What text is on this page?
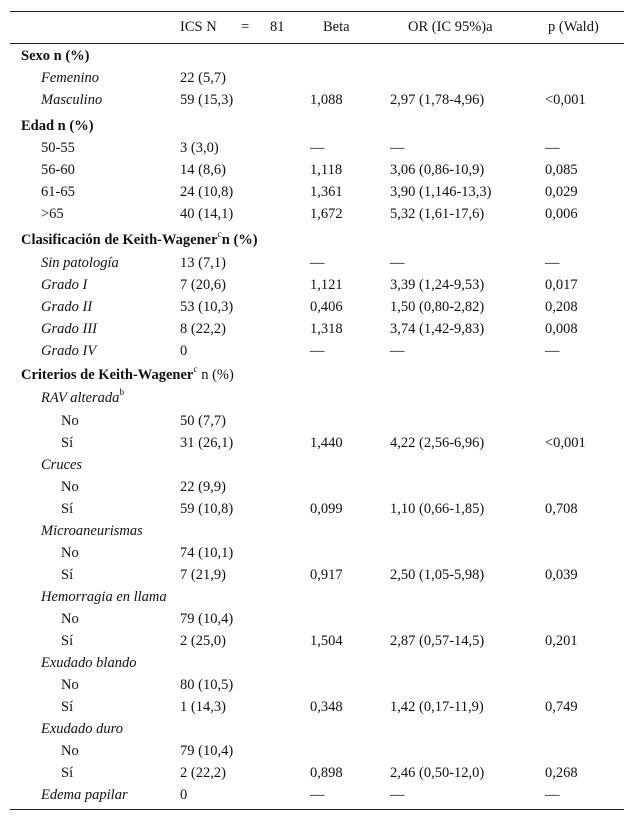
ICS N = 81	Beta	OR (IC 95%)a	p (Wald)
Sexo n (%)
Femenino	22 (5,7)
Masculino	59 (15,3)	1,088	2,97 (1,78-4,96)	<0,001
Edad n (%)
50-55	3 (3,0)	—	—	—
56-60	14 (8,6)	1,118	3,06 (0,86-10,9)	0,085
61-65	24 (10,8)	1,361	3,90 (1,146-13,3)	0,029
>65	40 (14,1)	1,672	5,32 (1,61-17,6)	0,006
Clasificación de Keith-Wagener$^c$n (%)
Sin patología	13 (7,1)	—	—	—
Grado I	7 (20,6)	1,121	3,39 (1,24-9,53)	0,017
Grado II	53 (10,3)	0,406	1,50 (0,80-2,82)	0,208
Grado III	8 (22,2)	1,318	3,74 (1,42-9,83)	0,008
Grado IV	0	—	—	—
Criterios de Keith-Wagener$^c$ n (%)
RAV alterada$^b$
No	50 (7,7)
Sí	31 (26,1)	1,440	4,22 (2,56-6,96)	<0,001
Cruces
No	22 (9,9)
Sí	59 (10,8)	0,099	1,10 (0,66-1,85)	0,708
Microaneurismas
No	74 (10,1)
Sí	7 (21,9)	0,917	2,50 (1,05-5,98)	0,039
Hemorragia en llama
No	79 (10,4)
Sí	2 (25,0)	1,504	2,87 (0,57-14,5)	0,201
Exudado blando
No	80 (10,5)
Sí	1 (14,3)	0,348	1,42 (0,17-11,9)	0,749
Exudado duro
No	79 (10,4)
Sí	2 (22,2)	0,898	2,46 (0,50-12,0)	0,268
Edema papilar	0	—	—	—
